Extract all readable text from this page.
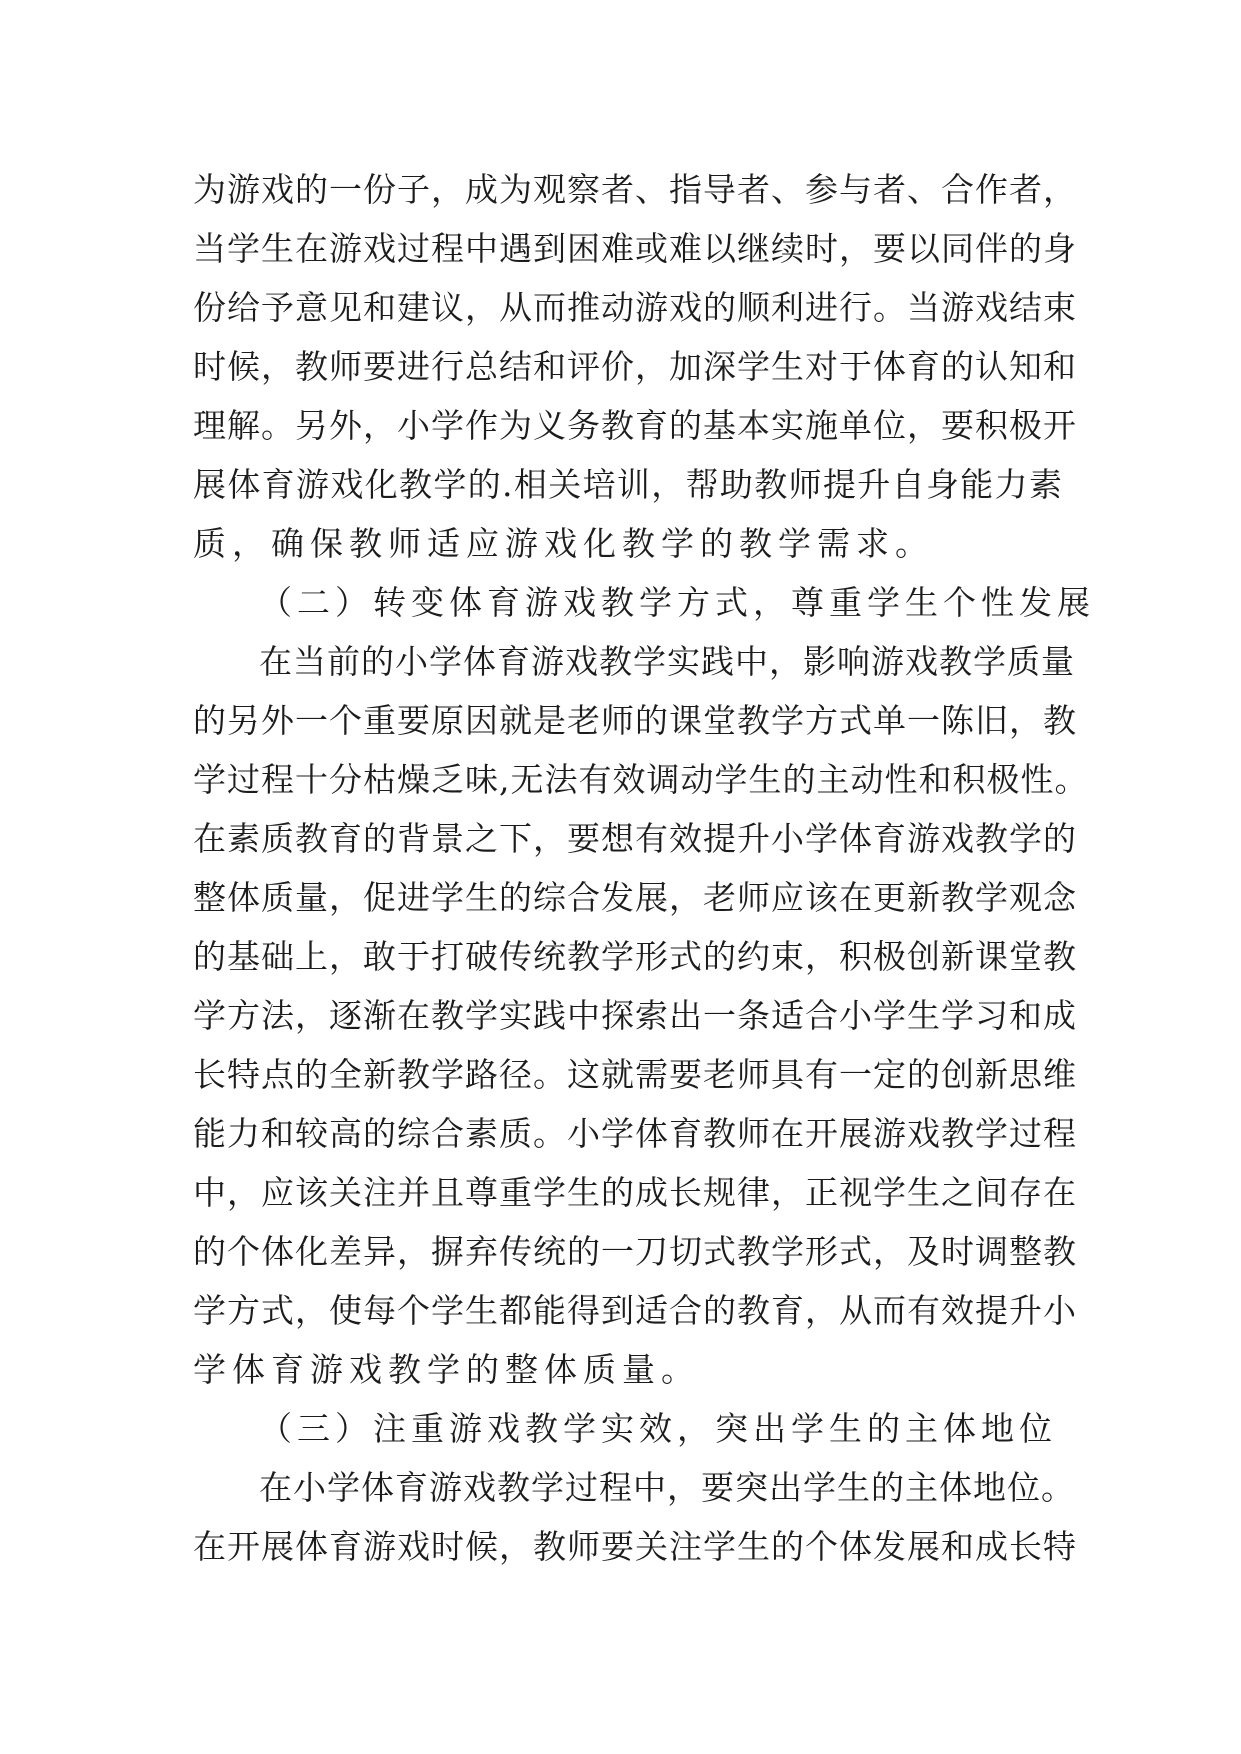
为游戏的一份子，成为观察者、指导者、参与者、合作者，
当学生在游戏过程中遇到困难或难以继续时，要以同伴的身
份给予意见和建议，从而推动游戏的顺利进行。当游戏结束
时候，教师要进行总结和评价，加深学生对于体育的认知和
理解。另外，小学作为义务教育的基本实施单位，要积极开
展体育游戏化教学的.相关培训，帮助教师提升自身能力素
质，确保教师适应游戏化教学的教学需求。
（二）转变体育游戏教学方式，尊重学生个性发展
在当前的小学体育游戏教学实践中，影响游戏教学质量
的另外一个重要原因就是老师的课堂教学方式单一陈旧，教
学过程十分枯燥乏味,无法有效调动学生的主动性和积极性。
在素质教育的背景之下，要想有效提升小学体育游戏教学的
整体质量，促进学生的综合发展，老师应该在更新教学观念
的基础上，敢于打破传统教学形式的约束，积极创新课堂教
学方法，逐渐在教学实践中探索出一条适合小学生学习和成
长特点的全新教学路径。这就需要老师具有一定的创新思维
能力和较高的综合素质。小学体育教师在开展游戏教学过程
中，应该关注并且尊重学生的成长规律，正视学生之间存在
的个体化差异，摒弃传统的一刀切式教学形式，及时调整教
学方式，使每个学生都能得到适合的教育，从而有效提升小
学体育游戏教学的整体质量。
（三）注重游戏教学实效，突出学生的主体地位
在小学体育游戏教学过程中，要突出学生的主体地位。
在开展体育游戏时候，教师要关注学生的个体发展和成长特
